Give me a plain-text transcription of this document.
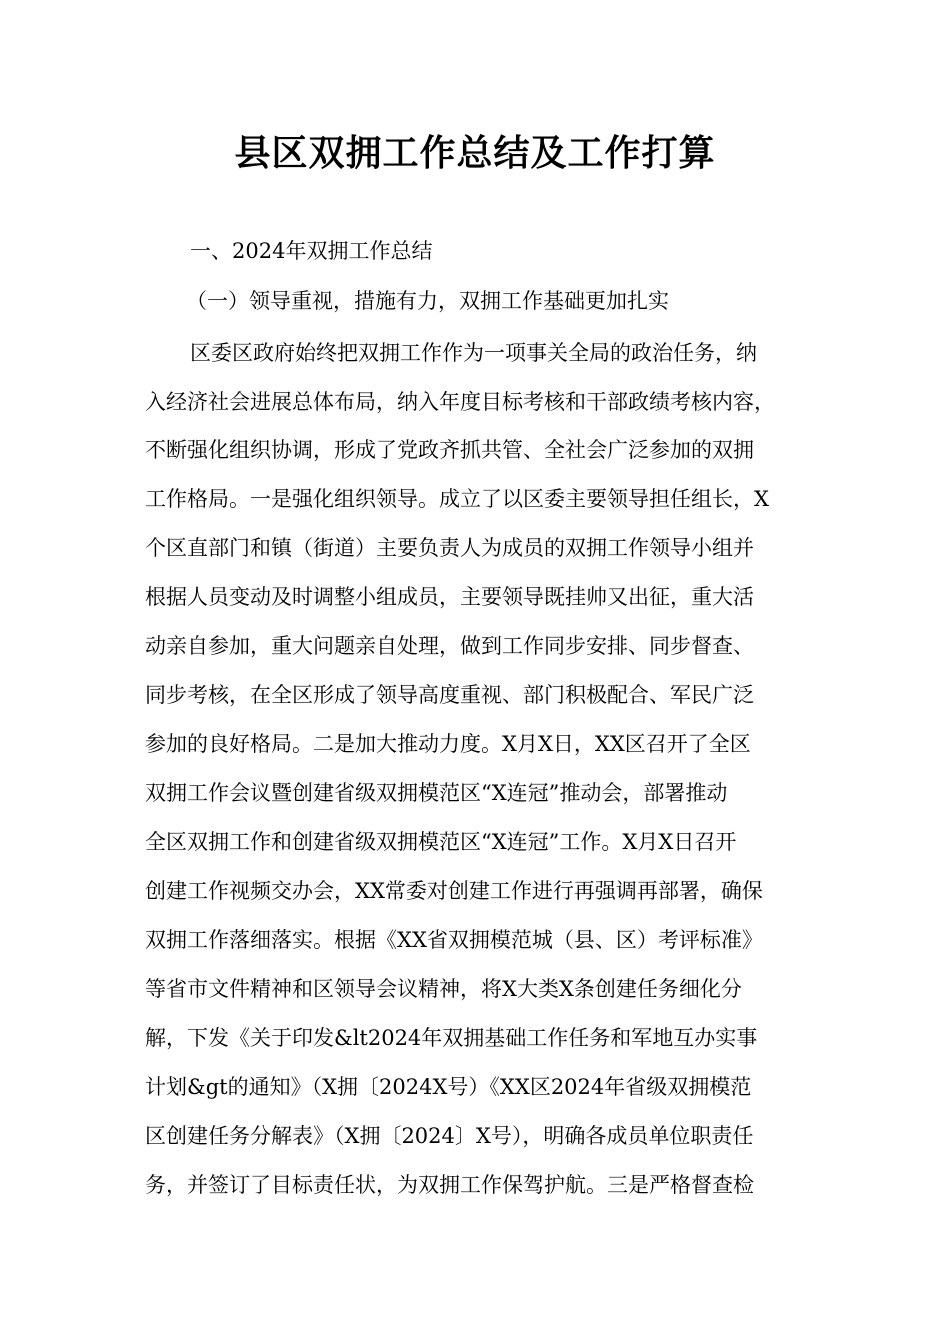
县区双拥工作总结及工作打算

一、2024年双拥工作总结

（一）领导重视，措施有力，双拥工作基础更加扎实

区委区政府始终把双拥工作作为一项事关全局的政治任务，纳

入经济社会进展总体布局，纳入年度目标考核和干部政绩考核内容，

不断强化组织协调，形成了党政齐抓共管、全社会广泛参加的双拥

工作格局。一是强化组织领导。成立了以区委主要领导担任组长，X

个区直部门和镇（街道）主要负责人为成员的双拥工作领导小组并

根据人员变动及时调整小组成员，主要领导既挂帅又出征，重大活

动亲自参加，重大问题亲自处理，做到工作同步安排、同步督查、

同步考核，在全区形成了领导高度重视、部门积极配合、军民广泛

参加的良好格局。二是加大推动力度。X月X日，XX区召开了全区

双拥工作会议暨创建省级双拥模范区“X连冠”推动会，部署推动

全区双拥工作和创建省级双拥模范区“X连冠”工作。X月X日召开

创建工作视频交办会，XX常委对创建工作进行再强调再部署，确保

双拥工作落细落实。根据《XX省双拥模范城（县、区）考评标准》

等省市文件精神和区领导会议精神，将X大类X条创建任务细化分

解，下发《关于印发&lt2024年双拥基础工作任务和军地互办实事

计划&gt的通知》（X拥〔2024X号）《XX区2024年省级双拥模范

区创建任务分解表》（X拥〔2024〕X号），明确各成员单位职责任

务，并签订了目标责任状，为双拥工作保驾护航。三是严格督查检
